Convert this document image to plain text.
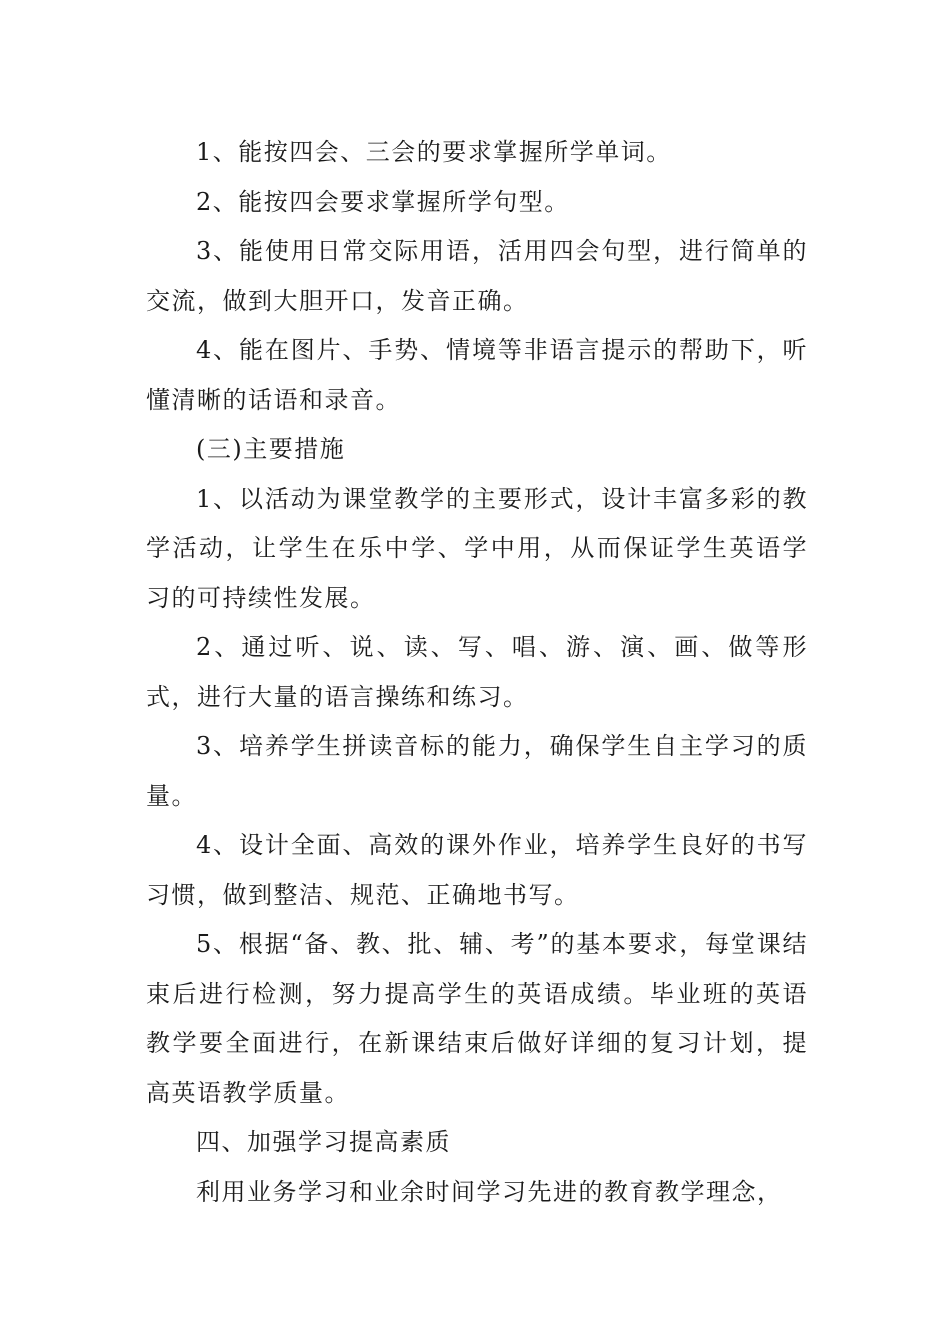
1、能按四会、三会的要求掌握所学单词。

2、能按四会要求掌握所学句型。

3、能使用日常交际用语，活用四会句型，进行简单的交流，做到大胆开口，发音正确。

4、能在图片、手势、情境等非语言提示的帮助下，听懂清晰的话语和录音。

(三)主要措施

1、以活动为课堂教学的主要形式，设计丰富多彩的教学活动，让学生在乐中学、学中用，从而保证学生英语学习的可持续性发展。

2、通过听、说、读、写、唱、游、演、画、做等形式，进行大量的语言操练和练习。

3、培养学生拼读音标的能力，确保学生自主学习的质量。

4、设计全面、高效的课外作业，培养学生良好的书写习惯，做到整洁、规范、正确地书写。

5、根据“备、教、批、辅、考”的基本要求，每堂课结束后进行检测，努力提高学生的英语成绩。毕业班的英语教学要全面进行，在新课结束后做好详细的复习计划，提高英语教学质量。

四、加强学习提高素质

利用业务学习和业余时间学习先进的教育教学理念，
